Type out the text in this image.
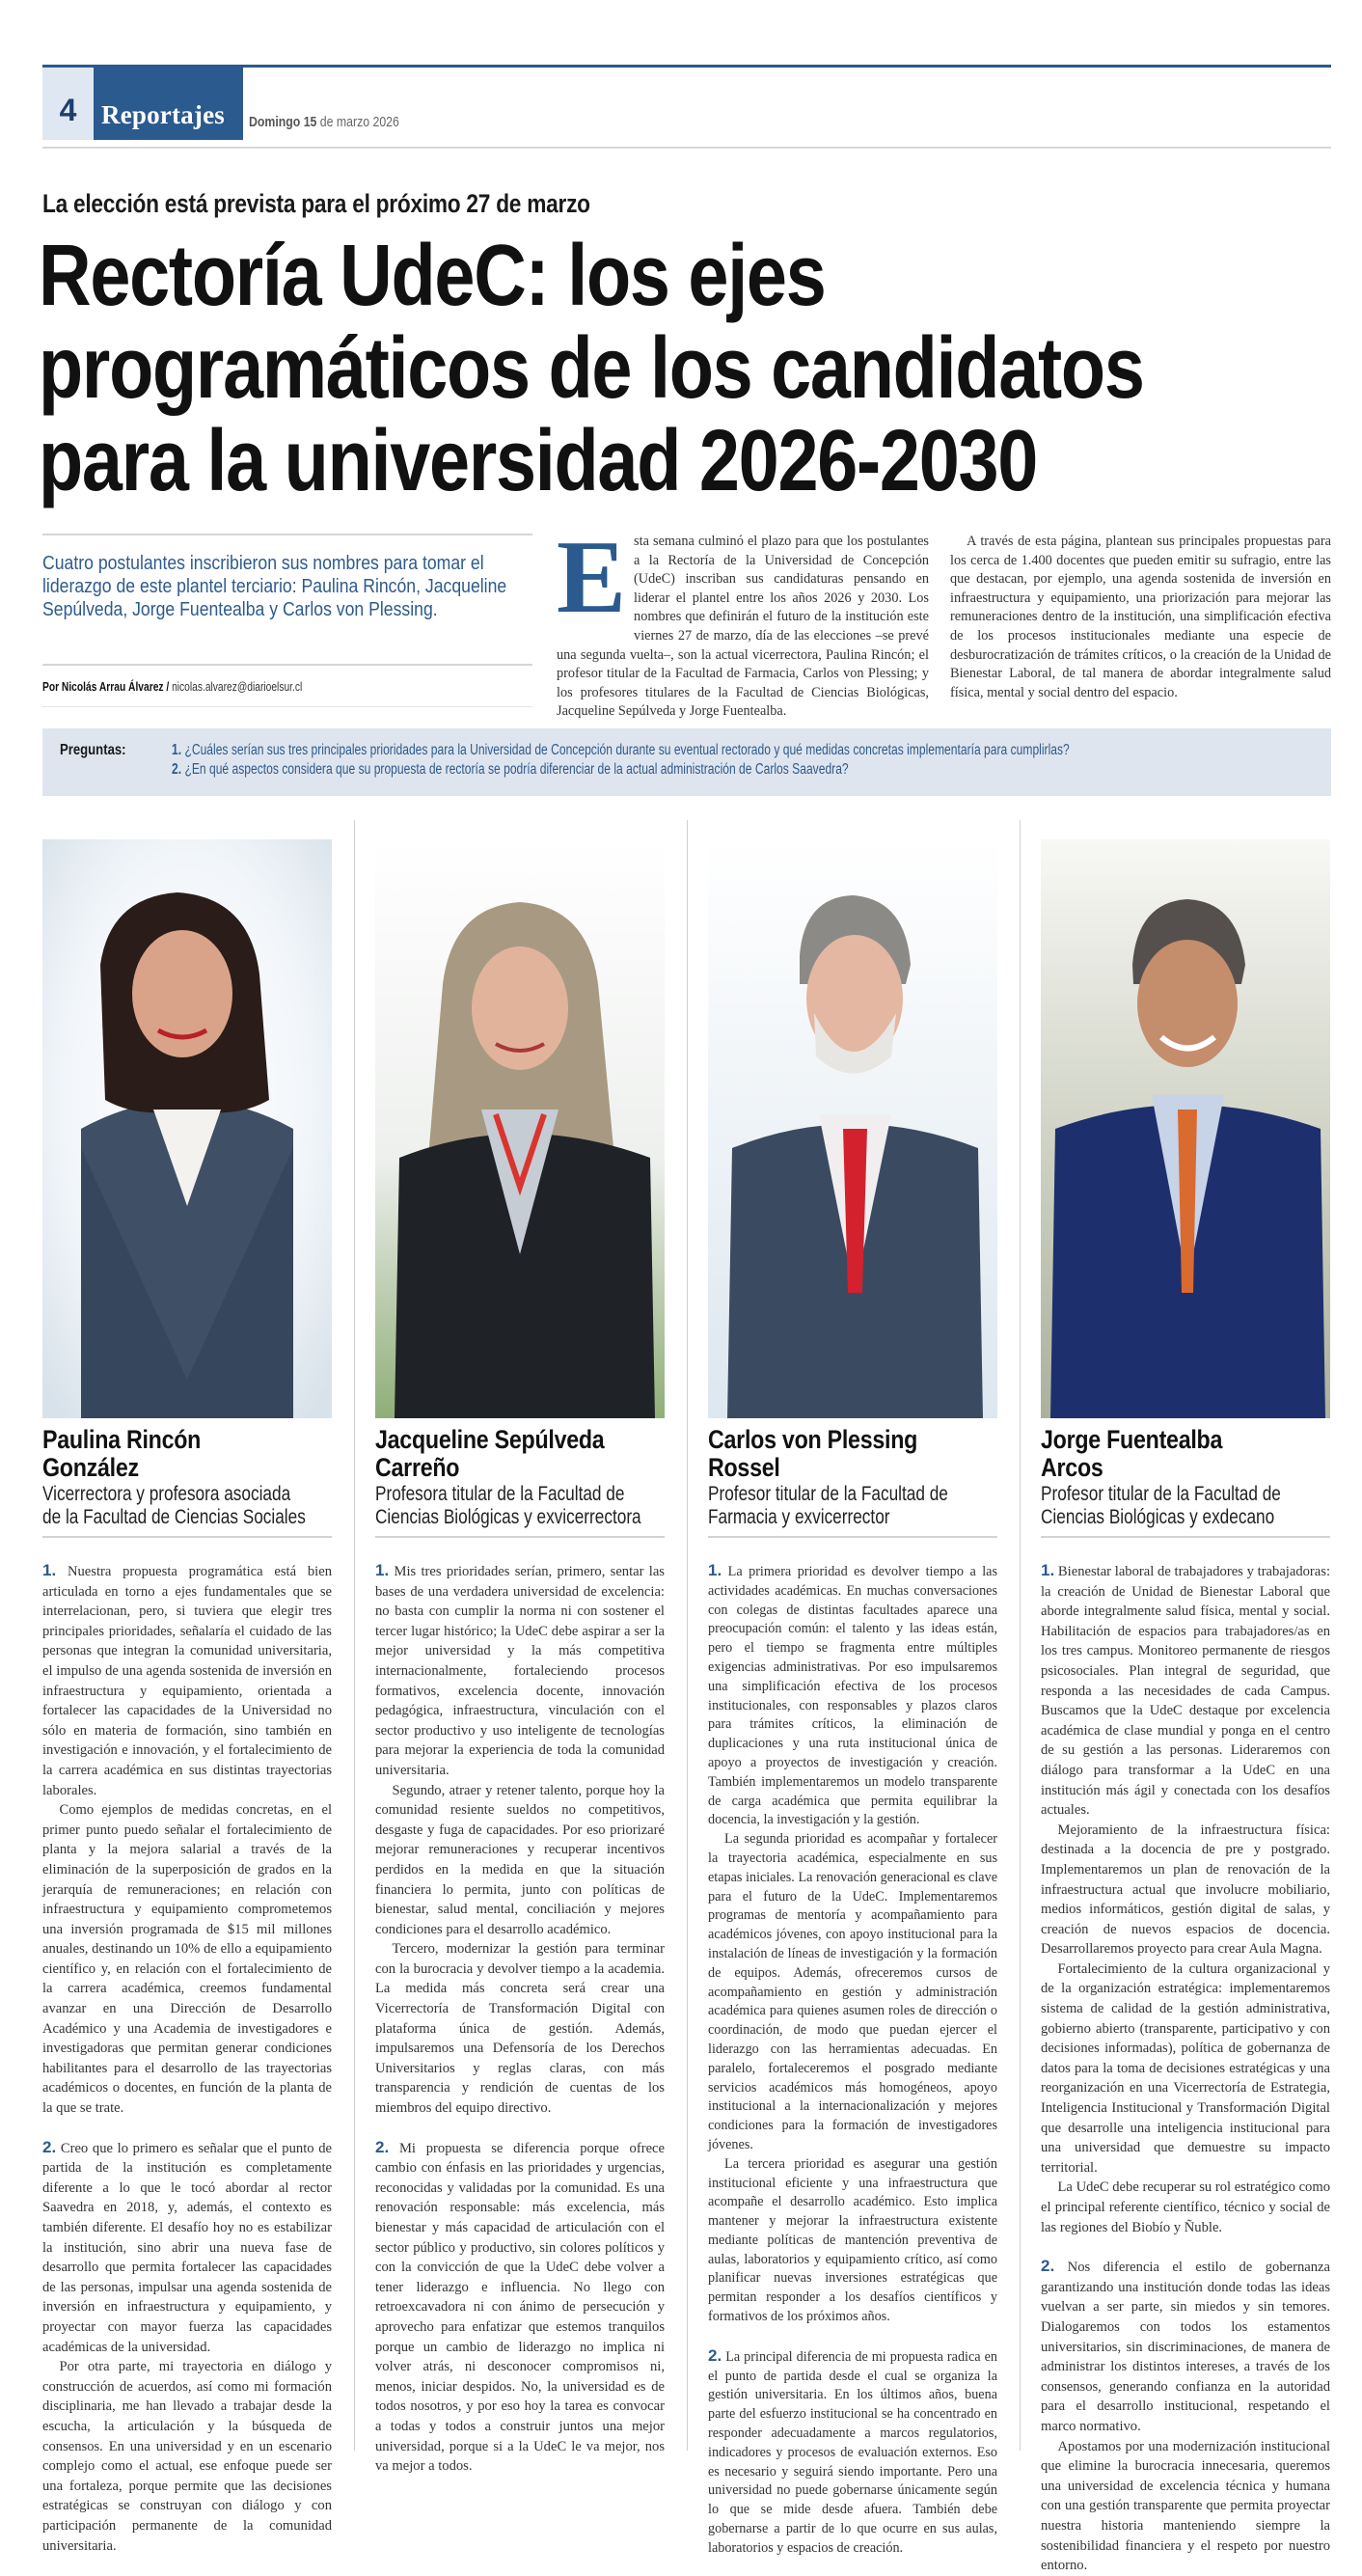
4 Reportajes Domingo 15 de marzo 2026
La elección está prevista para el próximo 27 de marzo
Rectoría UdeC: los ejes
programáticos de los candidatos
para la universidad 2026-2030
Cuatro postulantes inscribieron sus nombres para tomar el liderazgo de este plantel terciario: Paulina Rincón, Jacqueline Sepúlveda, Jorge Fuentealba y Carlos von Plessing.
Por Nicolás Arrau Álvarez / nicolas.alvarez@diarioelsur.cl
E sta semana culminó el plazo para que los postulantes a la Rectoría de la Universidad de Concepción (UdeC) inscriban sus candidaturas pensando en liderar el plantel entre los años 2026 y 2030. Los nombres que definirán el futuro de la institución este viernes 27 de marzo, día de las elecciones –se prevé una segunda vuelta–, son la actual vicerrectora, Paulina Rincón; el profesor titular de la Facultad de Farmacia, Carlos von Plessing; y los profesores titulares de la Facultad de Ciencias Biológicas, Jacqueline Sepúlveda y Jorge Fuentealba.

A través de esta página, plantean sus principales propuestas para los cerca de 1.400 docentes que pueden emitir su sufragio, entre las que destacan, por ejemplo, una agenda sostenida de inversión en infraestructura y equipamiento, una priorización para mejorar las remuneraciones dentro de la institución, una simplificación efectiva de los procesos institucionales mediante una especie de desburocratización de trámites críticos, o la creación de la Unidad de Bienestar Laboral, de tal manera de abordar integralmente salud física, mental y social dentro del espacio.

Preguntas:	1. ¿Cuáles serían sus tres principales prioridades para la Universidad de Concepción durante su eventual rectorado y qué medidas concretas implementaría para cumplirlas?
2. ¿En qué aspectos considera que su propuesta de rectoría se podría diferenciar de la actual administración de Carlos Saavedra?
Paulina Rincón
González
Vicerrectora y profesora asociada
de la Facultad de Ciencias Sociales

1. Nuestra propuesta programática está bien articulada en torno a ejes fundamentales que se interrelacionan, pero, si tuviera que elegir tres principales prioridades, señalaría el cuidado de las personas que integran la comunidad universitaria, el impulso de una agenda sostenida de inversión en infraestructura y equipamiento, orientada a fortalecer las capacidades de la Universidad no sólo en materia de formación, sino también en investigación e innovación, y el fortalecimiento de la carrera académica en sus distintas trayectorias laborales.

Como ejemplos de medidas concretas, en el primer punto puedo señalar el fortalecimiento de planta y la mejora salarial a través de la eliminación de la superposición de grados en la jerarquía de remuneraciones; en relación con infraestructura y equipamiento comprometemos una inversión programada de $15 mil millones anuales, destinando un 10% de ello a equipamiento científico y, en relación con el fortalecimiento de la carrera académica, creemos fundamental avanzar en una Dirección de Desarrollo Académico y una Academia de investigadores e investigadoras que permitan generar condiciones habilitantes para el desarrollo de las trayectorias académicos o docentes, en función de la planta de la que se trate.

2. Creo que lo primero es señalar que el punto de partida de la institución es completamente diferente a lo que le tocó abordar al rector Saavedra en 2018, y, además, el contexto es también diferente. El desafío hoy no es estabilizar la institución, sino abrir una nueva fase de desarrollo que permita fortalecer las capacidades de las personas, impulsar una agenda sostenida de inversión en infraestructura y equipamiento, y proyectar con mayor fuerza las capacidades académicas de la universidad.

Por otra parte, mi trayectoria en diálogo y construcción de acuerdos, así como mi formación disciplinaria, me han llevado a trabajar desde la escucha, la articulación y la búsqueda de consensos. En una universidad y en un escenario complejo como el actual, ese enfoque puede ser una fortaleza, porque permite que las decisiones estratégicas se construyan con diálogo y con participación permanente de la comunidad universitaria.

Jacqueline Sepúlveda
Carreño
Profesora titular de la Facultad de
Ciencias Biológicas y exvicerrectora

1. Mis tres prioridades serían, primero, sentar las bases de una verdadera universidad de excelencia: no basta con cumplir la norma ni con sostener el tercer lugar histórico; la UdeC debe aspirar a ser la mejor universidad y la más competitiva internacionalmente, fortaleciendo procesos formativos, excelencia docente, innovación pedagógica, infraestructura, vinculación con el sector productivo y uso inteligente de tecnologías para mejorar la experiencia de toda la comunidad universitaria.

Segundo, atraer y retener talento, porque hoy la comunidad resiente sueldos no competitivos, desgaste y fuga de capacidades. Por eso priorizaré mejorar remuneraciones y recuperar incentivos perdidos en la medida en que la situación financiera lo permita, junto con políticas de bienestar, salud mental, conciliación y mejores condiciones para el desarrollo académico.

Tercero, modernizar la gestión para terminar con la burocracia y devolver tiempo a la academia. La medida más concreta será crear una Vicerrectoría de Transformación Digital con plataforma única de gestión. Además, impulsaremos una Defensoría de los Derechos Universitarios y reglas claras, con más transparencia y rendición de cuentas de los miembros del equipo directivo.

2. Mi propuesta se diferencia porque ofrece cambio con énfasis en las prioridades y urgencias, reconocidas y validadas por la comunidad. Es una renovación responsable: más excelencia, más bienestar y más capacidad de articulación con el sector público y productivo, sin colores políticos y con la convicción de que la UdeC debe volver a tener liderazgo e influencia. No llego con retroexcavadora ni con ánimo de persecución y aprovecho para enfatizar que estemos tranquilos porque un cambio de liderazgo no implica ni volver atrás, ni desconocer compromisos ni, menos, iniciar despidos. No, la universidad es de todos nosotros, y por eso hoy la tarea es convocar a todas y todos a construir juntos una mejor universidad, porque si a la UdeC le va mejor, nos va mejor a todos.

Carlos von Plessing
Rossel
Profesor titular de la Facultad de
Farmacia y exvicerrector

1. La primera prioridad es devolver tiempo a las actividades académicas. En muchas conversaciones con colegas de distintas facultades aparece una preocupación común: el talento y las ideas están, pero el tiempo se fragmenta entre múltiples exigencias administrativas. Por eso impulsaremos una simplificación efectiva de los procesos institucionales, con responsables y plazos claros para trámites críticos, la eliminación de duplicaciones y una ruta institucional única de apoyo a proyectos de investigación y creación. También implementaremos un modelo transparente de carga académica que permita equilibrar la docencia, la investigación y la gestión.

La segunda prioridad es acompañar y fortalecer la trayectoria académica, especialmente en sus etapas iniciales. La renovación generacional es clave para el futuro de la UdeC. Implementaremos programas de mentoría y acompañamiento para académicos jóvenes, con apoyo institucional para la instalación de líneas de investigación y la formación de equipos. Además, ofreceremos cursos de acompañamiento en gestión y administración académica para quienes asumen roles de dirección o coordinación, de modo que puedan ejercer el liderazgo con las herramientas adecuadas. En paralelo, fortaleceremos el posgrado mediante servicios académicos más homogéneos, apoyo institucional a la internacionalización y mejores condiciones para la formación de investigadores jóvenes.

La tercera prioridad es asegurar una gestión institucional eficiente y una infraestructura que acompañe el desarrollo académico. Esto implica mantener y mejorar la infraestructura existente mediante políticas de mantención preventiva de aulas, laboratorios y equipamiento crítico, así como planificar nuevas inversiones estratégicas que permitan responder a los desafíos científicos y formativos de los próximos años.

2. La principal diferencia de mi propuesta radica en el punto de partida desde el cual se organiza la gestión universitaria. En los últimos años, buena parte del esfuerzo institucional se ha concentrado en responder adecuadamente a marcos regulatorios, indicadores y procesos de evaluación externos. Eso es necesario y seguirá siendo importante. Pero una universidad no puede gobernarse únicamente según lo que se mide desde afuera. También debe gobernarse a partir de lo que ocurre en sus aulas, laboratorios y espacios de creación.

Jorge Fuentealba
Arcos
Profesor titular de la Facultad de
Ciencias Biológicas y exdecano

1. Bienestar laboral de trabajadores y trabajadoras: la creación de Unidad de Bienestar Laboral que aborde integralmente salud física, mental y social. Habilitación de espacios para trabajadores/as en los tres campus. Monitoreo permanente de riesgos psicosociales. Plan integral de seguridad, que responda a las necesidades de cada Campus. Buscamos que la UdeC destaque por excelencia académica de clase mundial y ponga en el centro de su gestión a las personas. Lideraremos con diálogo para transformar a la UdeC en una institución más ágil y conectada con los desafíos actuales.

Mejoramiento de la infraestructura física: destinada a la docencia de pre y postgrado. Implementaremos un plan de renovación de la infraestructura actual que involucre mobiliario, medios informáticos, gestión digital de salas, y creación de nuevos espacios de docencia. Desarrollaremos proyecto para crear Aula Magna.

Fortalecimiento de la cultura organizacional y de la organización estratégica: implementaremos sistema de calidad de la gestión administrativa, gobierno abierto (transparente, participativo y con decisiones informadas), política de gobernanza de datos para la toma de decisiones estratégicas y una reorganización en una Vicerrectoría de Estrategia, Inteligencia Institucional y Transformación Digital que desarrolle una inteligencia institucional para una universidad que demuestre su impacto territorial.

La UdeC debe recuperar su rol estratégico como el principal referente científico, técnico y social de las regiones del Biobío y Ñuble.

2. Nos diferencia el estilo de gobernanza garantizando una institución donde todas las ideas vuelvan a ser parte, sin miedos y sin temores. Dialogaremos con todos los estamentos universitarios, sin discriminaciones, de manera de administrar los distintos intereses, a través de los consensos, generando confianza en la autoridad para el desarrollo institucional, respetando el marco normativo.

Apostamos por una modernización institucional que elimine la burocracia innecesaria, queremos una universidad de excelencia técnica y humana con una gestión transparente que permita proyectar nuestra historia manteniendo siempre la sostenibilidad financiera y el respeto por nuestro entorno.
